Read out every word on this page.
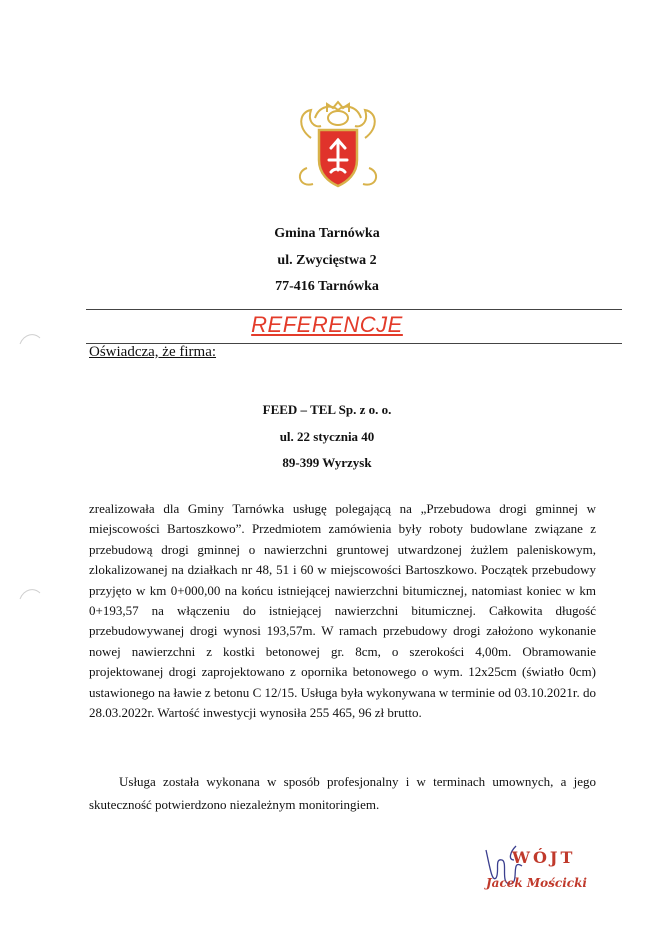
Gmina Tarnówka
ul. Zwycięstwa 2
77-416 Tarnówka
REFERENCJE
Oświadcza, że firma:
FEED – TEL Sp. z o. o.
ul. 22 stycznia 40
89-399 Wyrzysk
zrealizowała dla Gminy Tarnówka usługę polegającą na „Przebudowa drogi gminnej w miejscowości Bartoszkowo”. Przedmiotem zamówienia były roboty budowlane związane z przebudową drogi gminnej o nawierzchni gruntowej utwardzonej żużlem paleniskowym, zlokalizowanej na działkach nr 48, 51 i 60 w miejscowości Bartoszkowo. Początek przebudowy przyjęto w km 0+000,00 na końcu istniejącej nawierzchni bitumicznej, natomiast koniec w km 0+193,57 na włączeniu do istniejącej nawierzchni bitumicznej. Całkowita długość przebudowywanej drogi wynosi 193,57m. W ramach przebudowy drogi założono wykonanie nowej nawierzchni z kostki betonowej gr. 8cm, o szerokości 4,00m. Obramowanie projektowanej drogi zaprojektowano z opornika betonowego o wym. 12x25cm (światło 0cm) ustawionego na ławie z betonu C 12/15. Usługa była wykonywana w terminie od 03.10.2021r. do 28.03.2022r. Wartość inwestycji wynosiła 255 465, 96 zł brutto.
Usługa została wykonana w sposób profesjonalny i w terminach umownych, a jego skuteczność potwierdzono niezależnym monitoringiem.
WÓJT
Jacek Mościcki
